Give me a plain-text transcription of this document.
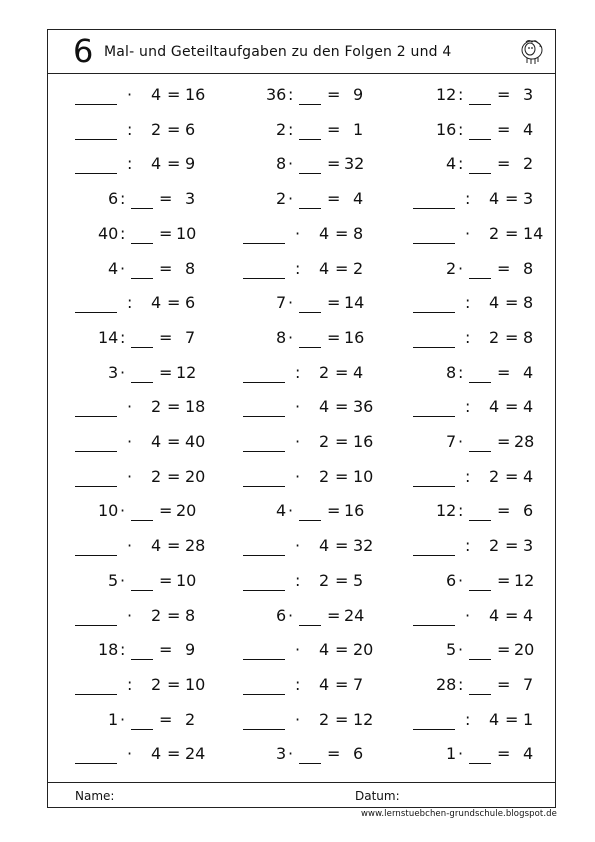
6 Mal- und Geteiltaufgaben zu den Folgen 2 und 4
· 4 = 16	36 : = 9	12 : = 3
: 2 = 6	2 : = 1	16 : = 4
: 4 = 9	8 · = 32	4 : = 2
6 : = 3	2 · = 4	: 4 = 3
40 : = 10	· 4 = 8	· 2 = 14
4 · = 8	: 4 = 2	2 · = 8
: 4 = 6	7 · = 14	: 4 = 8
14 : = 7	8 · = 16	: 2 = 8
3 · = 12	: 2 = 4	8 : = 4
· 2 = 18	· 4 = 36	: 4 = 4
· 4 = 40	· 2 = 16	7 · = 28
· 2 = 20	· 2 = 10	: 2 = 4
10 · = 20	4 · = 16	12 : = 6
· 4 = 28	· 4 = 32	: 2 = 3
5 · = 10	: 2 = 5	6 · = 12
· 2 = 8	6 · = 24	· 4 = 4
18 : = 9	· 4 = 20	5 · = 20
: 2 = 10	: 4 = 7	28 : = 7
1 · = 2	· 2 = 12	: 4 = 1
· 4 = 24	3 · = 6	1 · = 4
Name:	Datum:
www.lernstuebchen-grundschule.blogspot.de
